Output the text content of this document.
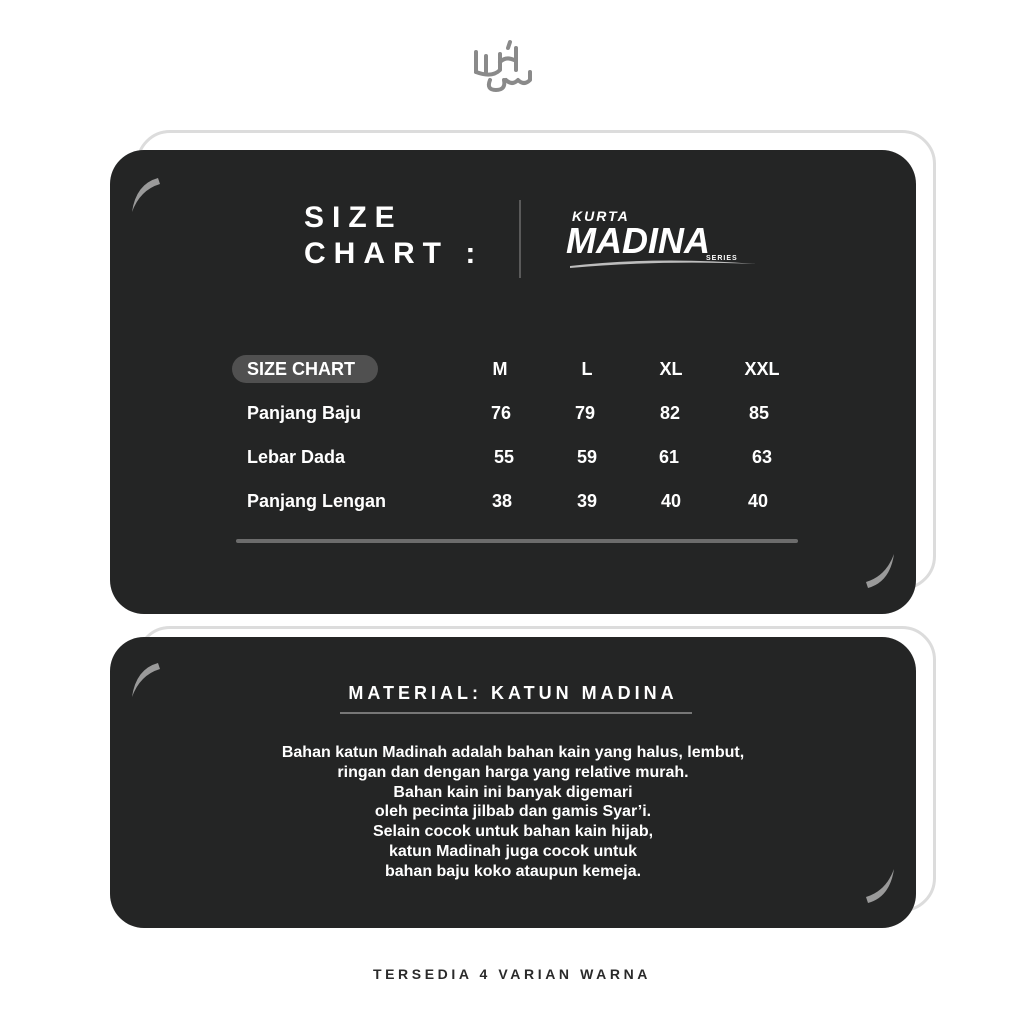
SIZE
CHART :
KURTA
MADINA
SERIES
SIZE CHART	M	L	XL	XXL
Panjang Baju	76	79	82	85
Lebar Dada	55	59	61	63
Panjang Lengan	38	39	40	40
MATERIAL: KATUN MADINA
Bahan katun Madinah adalah bahan kain yang halus, lembut,
ringan dan dengan harga yang relative murah.
Bahan kain ini banyak digemari
oleh pecinta jilbab dan gamis Syar’i.
Selain cocok untuk bahan kain hijab,
katun Madinah juga cocok untuk
bahan baju koko ataupun kemeja.
TERSEDIA 4 VARIAN WARNA
